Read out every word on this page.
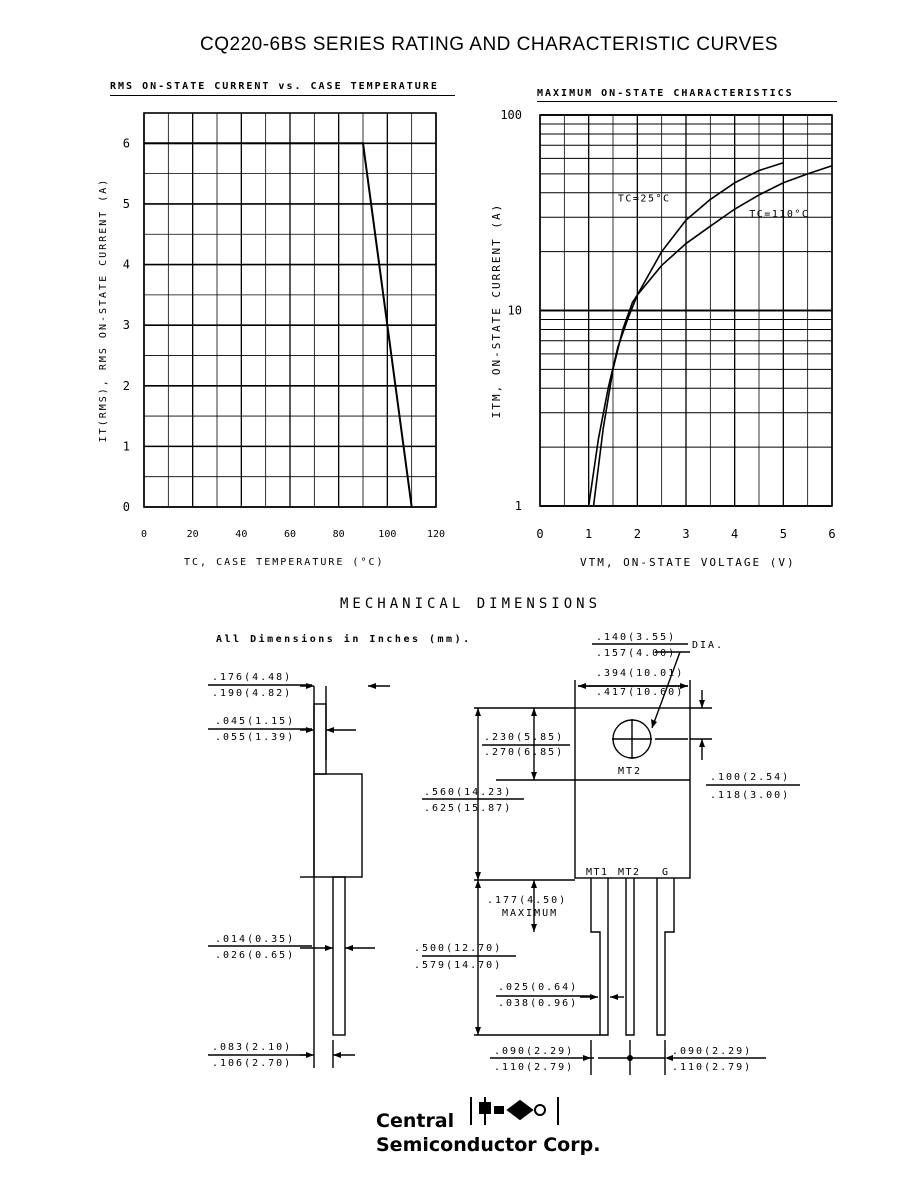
CQ220-6BS SERIES RATING AND CHARACTERISTIC CURVES
RMS ON-STATE CURRENT vs. CASE TEMPERATURE
0	20	40	60	80	100	120
0
1
2
3
4
5
6
TC, CASE TEMPERATURE (°C)
IT(RMS), RMS ON-STATE CURRENT (A)
MAXIMUM ON-STATE CHARACTERISTICS
0	1	2	3	4	5	6
1
10
100
TC=25°C
TC=110°C
VTM, ON-STATE VOLTAGE (V)
ITM, ON-STATE CURRENT (A)
MECHANICAL DIMENSIONS
All Dimensions in Inches (mm).
.176(4.48)
.190(4.82)
.045(1.15)
.055(1.39)
.014(0.35)
.026(0.65)
.083(2.10)
.106(2.70)
.140(3.55)
.157(4.00)
DIA.
.394(10.01)
.417(10.60)
.230(5.85)
.270(6.85)
.560(14.23)
.625(15.87)
.100(2.54)
.118(3.00)
.177(4.50)
MAXIMUM
.500(12.70)
.579(14.70)
.025(0.64)
.038(0.96)
.090(2.29)
.110(2.79)
.090(2.29)
.110(2.79)
MT2
MT1 MT2 G
Central
Semiconductor Corp.
